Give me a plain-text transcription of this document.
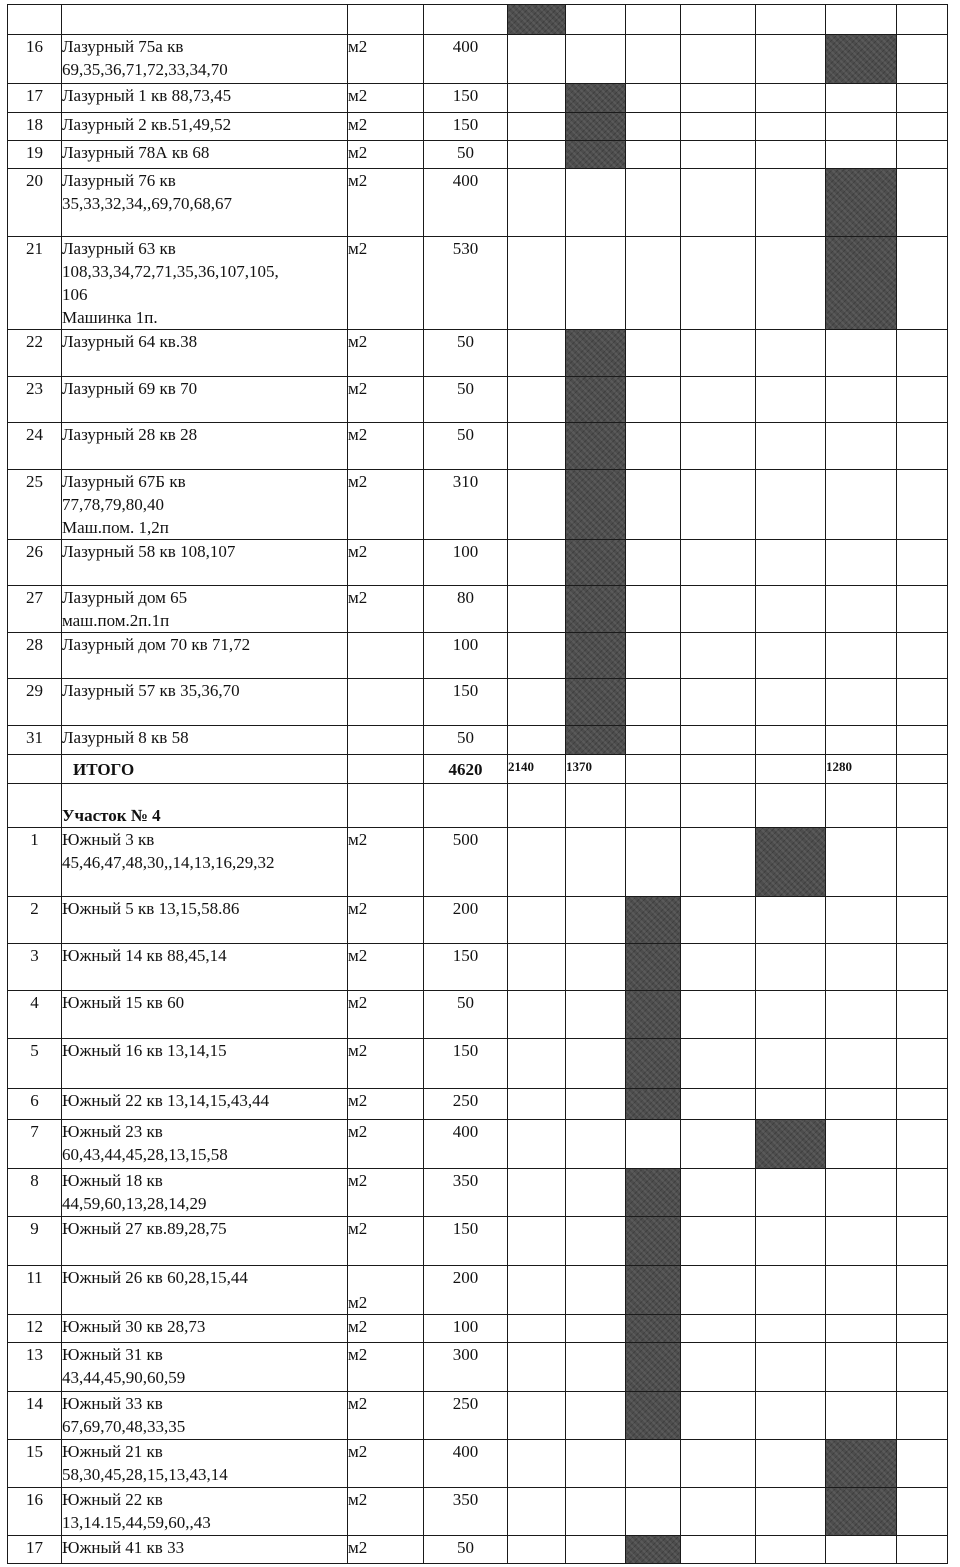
16	Лазурный 75а кв
69,35,36,71,72,33,34,70	м2	400							
17	Лазурный 1 кв 88,73,45	м2	150							
18	Лазурный 2 кв.51,49,52	м2	150							
19	Лазурный 78А кв 68	м2	50							
20	Лазурный 76 кв
35,33,32,34,,69,70,68,67	м2	400							
21	Лазурный 63 кв
108,33,34,72,71,35,36,107,105,
106
Машинка 1п.	м2	530							
22	Лазурный 64 кв.38	м2	50							
23	Лазурный 69 кв 70	м2	50							
24	Лазурный 28 кв 28	м2	50							
25	Лазурный 67Б кв
77,78,79,80,40
Маш.пом. 1,2п	м2	310							
26	Лазурный 58 кв 108,107	м2	100							
27	Лазурный дом 65
маш.пом.2п.1п	м2	80							
28	Лазурный дом 70 кв 71,72		100							
29	Лазурный 57 кв 35,36,70		150							
31	Лазурный 8 кв 58		50							

	ИТОГО		4620	2140	1370				1280	

	Участок № 4									

1	Южный 3 кв
45,46,47,48,30,,14,13,16,29,32	м2	500							
2	Южный 5 кв 13,15,58.86	м2	200							
3	Южный 14 кв 88,45,14	м2	150							
4	Южный 15 кв 60	м2	50							
5	Южный 16 кв 13,14,15	м2	150							
6	Южный 22 кв 13,14,15,43,44	м2	250							
7	Южный 23 кв
60,43,44,45,28,13,15,58	м2	400							
8	Южный 18 кв
44,59,60,13,28,14,29	м2	350							
9	Южный 27 кв.89,28,75	м2	150							
11	Южный 26 кв 60,28,15,44	м2	200							
12	Южный 30 кв 28,73	м2	100							
13	Южный 31 кв
43,44,45,90,60,59	м2	300							
14	Южный 33 кв
67,69,70,48,33,35	м2	250							
15	Южный 21 кв
58,30,45,28,15,13,43,14	м2	400							
16	Южный 22 кв
13,14.15,44,59,60,,43	м2	350							
17	Южный 41 кв 33	м2	50							
